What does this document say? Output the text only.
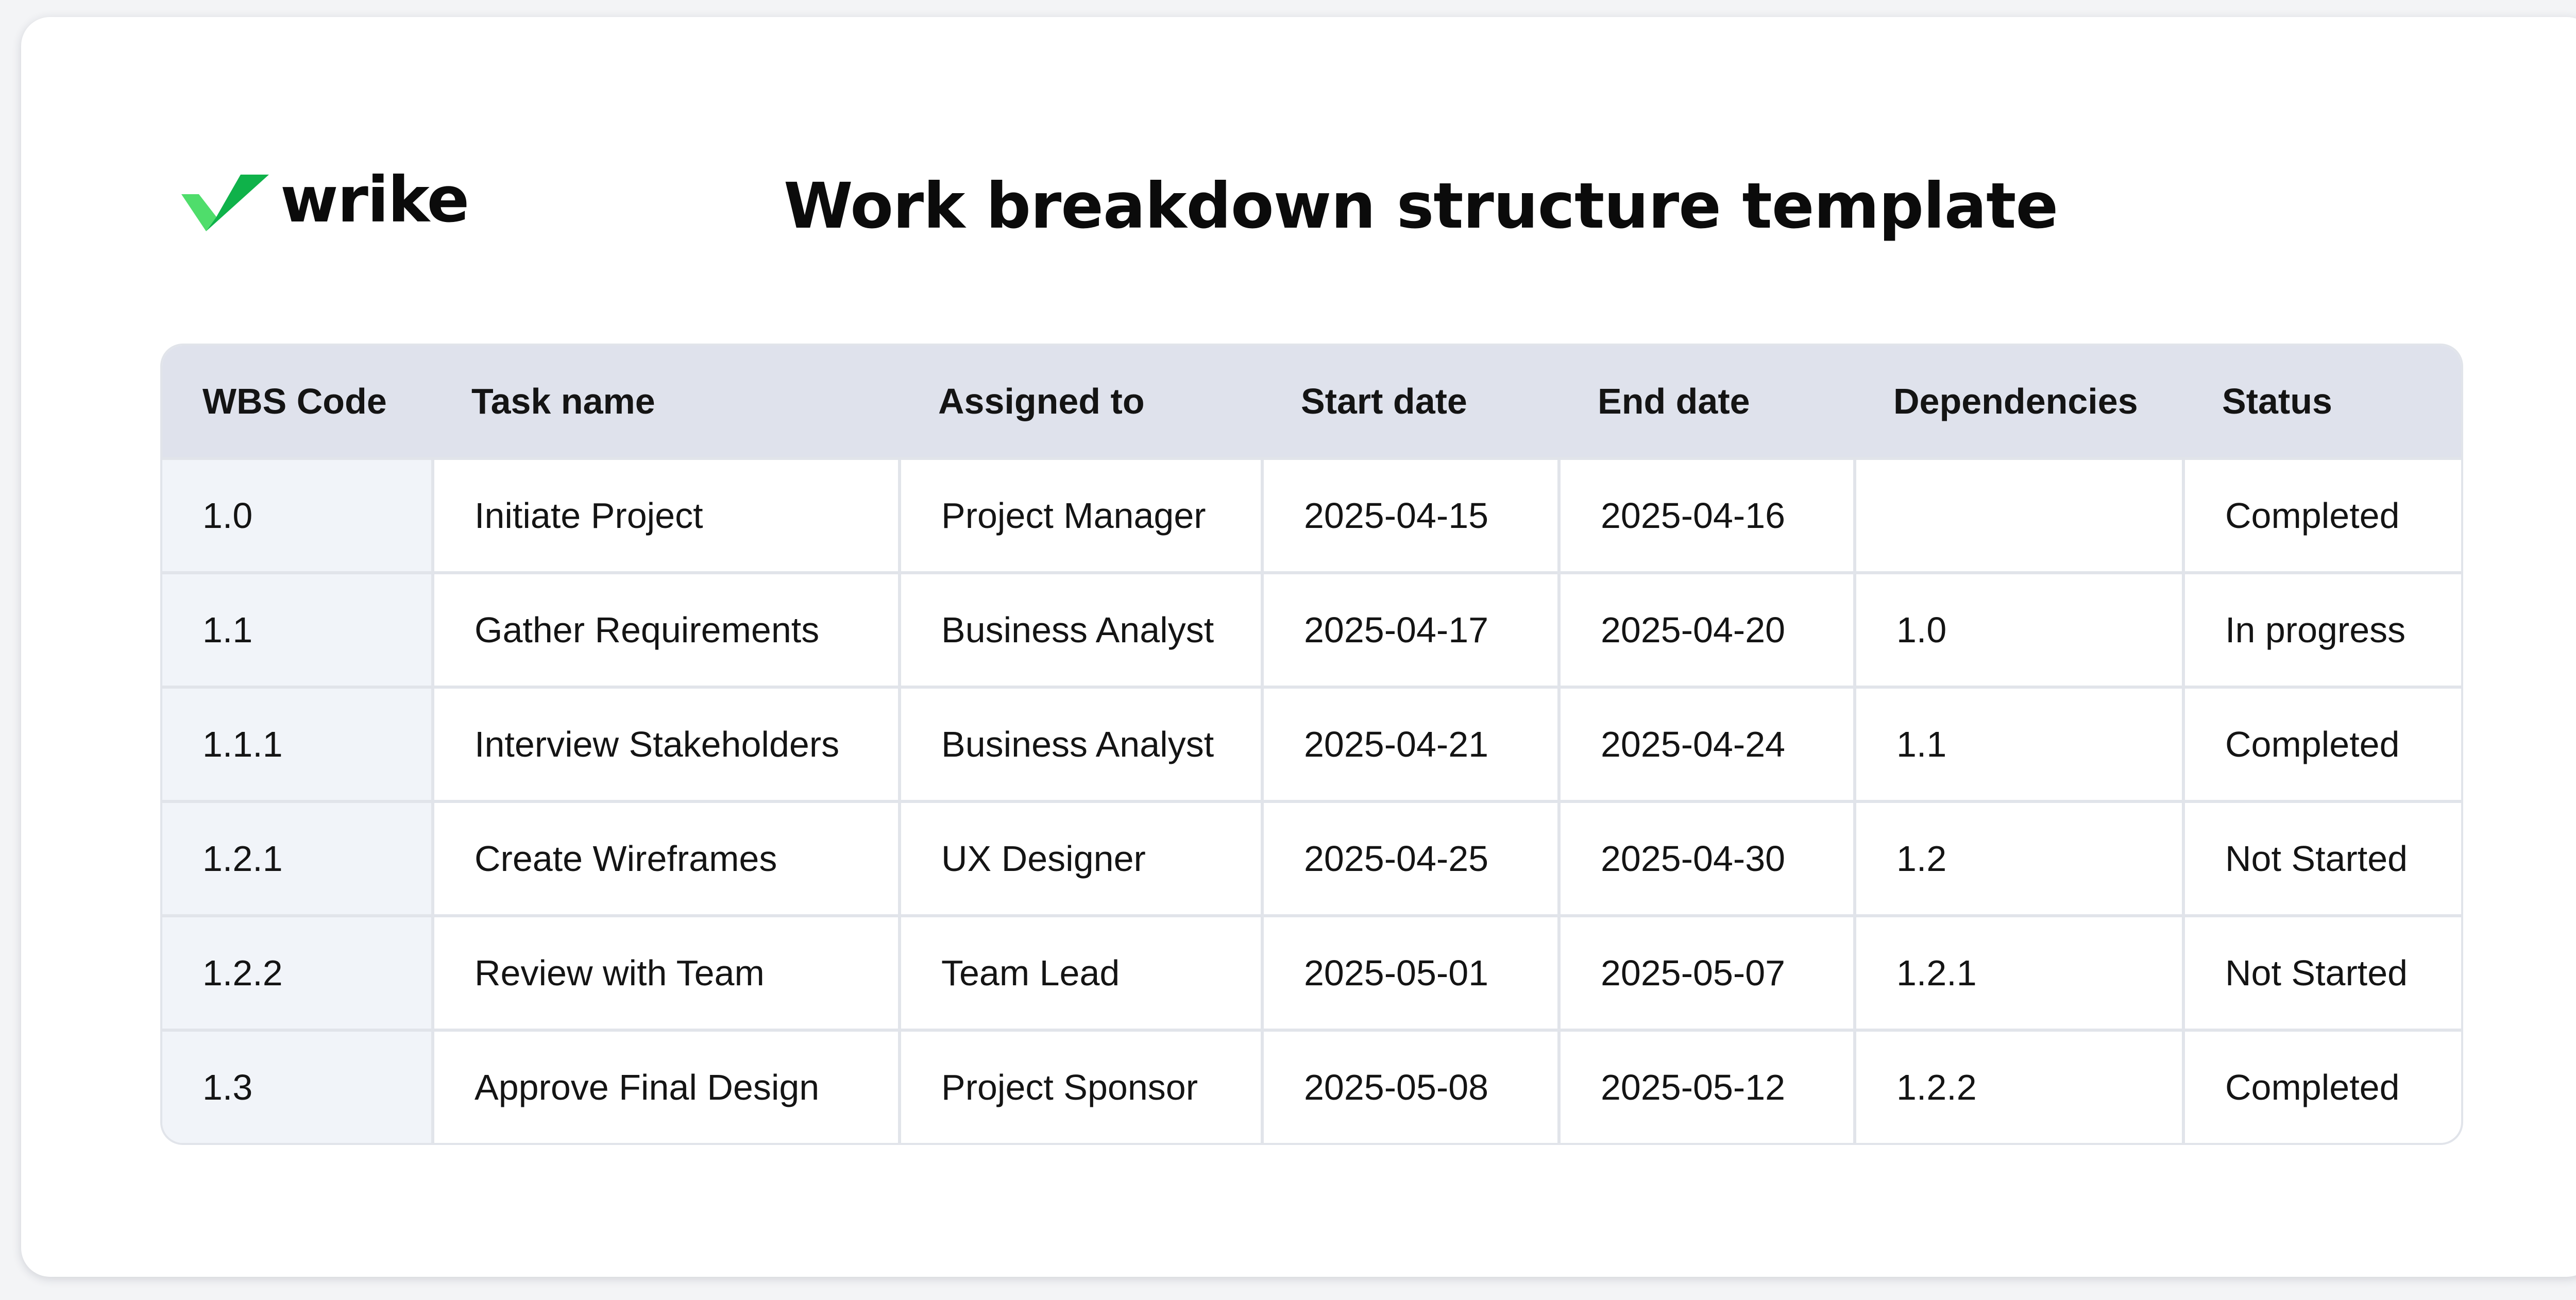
wrike	Work breakdown structure template
WBS Code	Task name	Assigned to	Start date	End date	Dependencies	Status
1.0	Initiate Project	Project Manager	2025-04-15	2025-04-16		Completed
1.1	Gather Requirements	Business Analyst	2025-04-17	2025-04-20	1.0	In progress
1.1.1	Interview Stakeholders	Business Analyst	2025-04-21	2025-04-24	1.1	Completed
1.2.1	Create Wireframes	UX Designer	2025-04-25	2025-04-30	1.2	Not Started
1.2.2	Review with Team	Team Lead	2025-05-01	2025-05-07	1.2.1	Not Started
1.3	Approve Final Design	Project Sponsor	2025-05-08	2025-05-12	1.2.2	Completed
